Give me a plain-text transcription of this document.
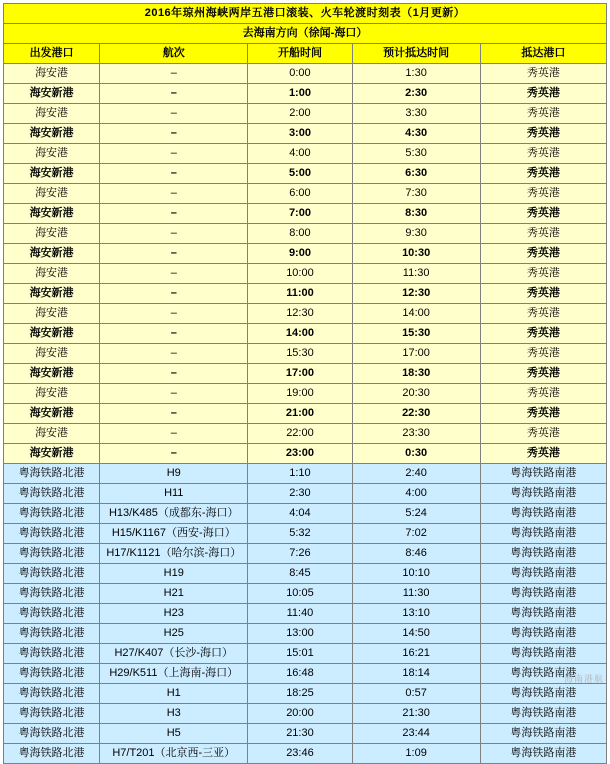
2016年琼州海峡两岸五港口滚装、火车轮渡时刻表（1月更新）				
去海南方向（徐闻-海口）				
出发港口	航次	开船时间	预计抵达时间	抵达港口
海安港	–	0:00	1:30	秀英港
海安新港	–	1:00	2:30	秀英港
海安港	–	2:00	3:30	秀英港
海安新港	–	3:00	4:30	秀英港
海安港	–	4:00	5:30	秀英港
海安新港	–	5:00	6:30	秀英港
海安港	–	6:00	7:30	秀英港
海安新港	–	7:00	8:30	秀英港
海安港	–	8:00	9:30	秀英港
海安新港	–	9:00	10:30	秀英港
海安港	–	10:00	11:30	秀英港
海安新港	–	11:00	12:30	秀英港
海安港	–	12:30	14:00	秀英港
海安新港	–	14:00	15:30	秀英港
海安港	–	15:30	17:00	秀英港
海安新港	–	17:00	18:30	秀英港
海安港	–	19:00	20:30	秀英港
海安新港	–	21:00	22:30	秀英港
海安港	–	22:00	23:30	秀英港
海安新港	–	23:00	0:30	秀英港
粤海铁路北港	H9	1:10	2:40	粤海铁路南港
粤海铁路北港	H11	2:30	4:00	粤海铁路南港
粤海铁路北港	H13/K485（成都东-海口）	4:04	5:24	粤海铁路南港
粤海铁路北港	H15/K1167（西安-海口）	5:32	7:02	粤海铁路南港
粤海铁路北港	H17/K1121（哈尔滨-海口）	7:26	8:46	粤海铁路南港
粤海铁路北港	H19	8:45	10:10	粤海铁路南港
粤海铁路北港	H21	10:05	11:30	粤海铁路南港
粤海铁路北港	H23	11:40	13:10	粤海铁路南港
粤海铁路北港	H25	13:00	14:50	粤海铁路南港
粤海铁路北港	H27/K407（长沙-海口）	15:01	16:21	粤海铁路南港
粤海铁路北港	H29/K511（上海南-海口）	16:48	18:14	粤海铁路南港
粤海铁路北港	H1	18:25	0:57	粤海铁路南港
粤海铁路北港	H3	20:00	21:30	粤海铁路南港
粤海铁路北港	H5	21:30	23:44	粤海铁路南港
粤海铁路北港	H7/T201（北京西-三亚）	23:46	1:09	粤海铁路南港
海南港航
